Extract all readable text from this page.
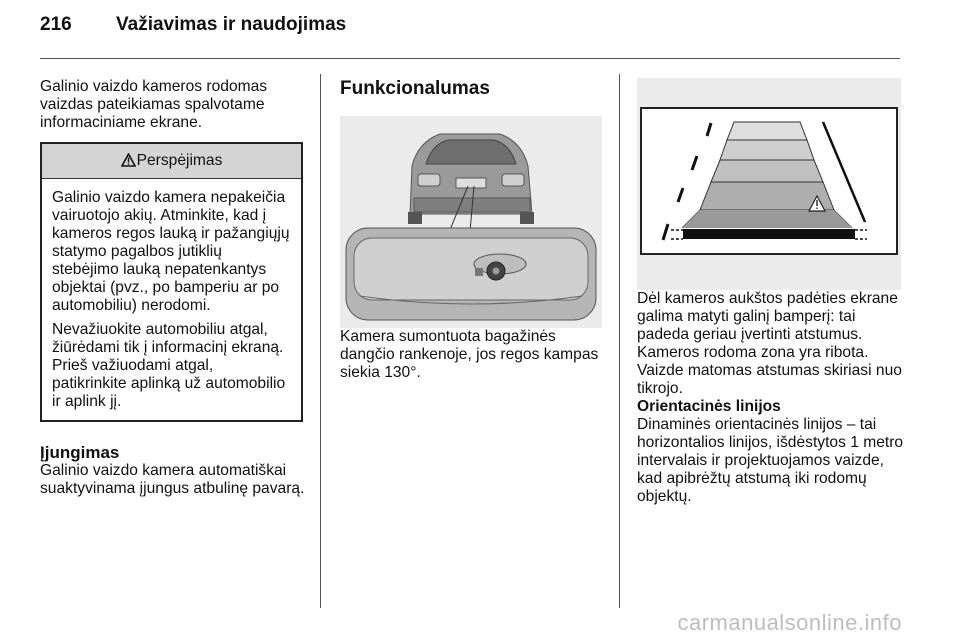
216 Važiavimas ir naudojimas

Galinio vaizdo kameros rodomas vaizdas pateikiamas spalvotame informaciniame ekrane.

Perspėjimas

Galinio vaizdo kamera nepakeičia vairuotojo akių. Atminkite, kad į kameros regos lauką ir pažangiųjų statymo pagalbos jutiklių stebėjimo lauką nepatenkantys objektai (pvz., po bamperiu ar po automobiliu) nerodomi.

Nevažiuokite automobiliu atgal, žiūrėdami tik į informacinį ekraną. Prieš važiuodami atgal, patikrinkite aplinką už automobilio ir aplink jį.

Įjungimas

Galinio vaizdo kamera automatiškai suaktyvinama įjungus atbulinę pavarą.

Funkcionalumas

Kamera sumontuota bagažinės dangčio rankenoje, jos regos kampas siekia 130°.

Dėl kameros aukštos padėties ekrane galima matyti galinį bamperį: tai padeda geriau įvertinti atstumus.

Kameros rodoma zona yra ribota. Vaizde matomas atstumas skiriasi nuo tikrojo.

Orientacinės linijos

Dinaminės orientacinės linijos – tai horizontalios linijos, išdėstytos 1 metro intervalais ir projektuojamos vaizde, kad apibrėžtų atstumą iki rodomų objektų.

carmanualsonline.info
